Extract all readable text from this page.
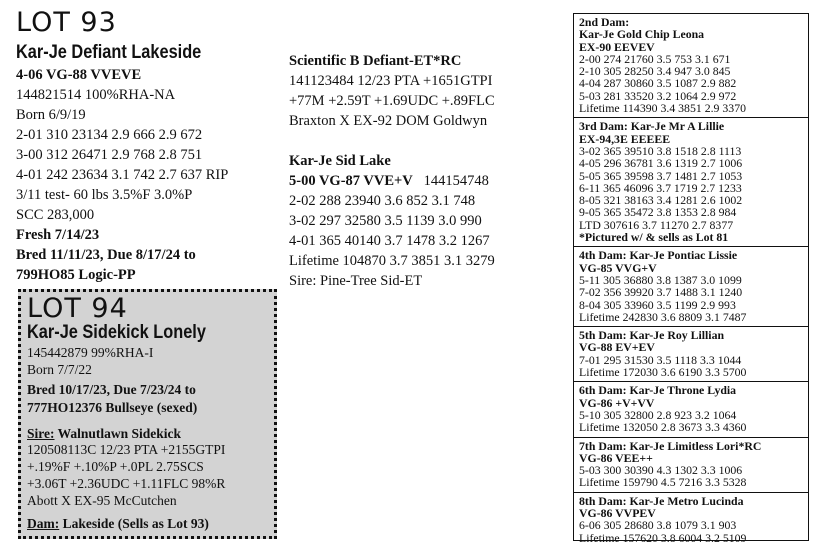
LOT 93
Kar-Je Defiant Lakeside
4-06 VG-88 VVEVE
144821514 100%RHA-NA
Born 6/9/19
2-01 310 23134 2.9 666 2.9 672
3-00 312 26471 2.9 768 2.8 751
4-01 242 23634 3.1 742 2.7 637 RIP
3/11 test- 60 lbs 3.5%F 3.0%P
SCC 283,000
Fresh 7/14/23
Bred 11/11/23, Due 8/17/24 to
799HO85 Logic-PP
Scientific B Defiant-ET*RC
141123484 12/23 PTA +1651GTPI
+77M +2.59T +1.69UDC +.89FLC
Braxton X EX-92 DOM Goldwyn
Kar-Je Sid Lake
5-00 VG-87 VVE+V 144154748
2-02 288 23940 3.6 852 3.1 748
3-02 297 32580 3.5 1139 3.0 990
4-01 365 40140 3.7 1478 3.2 1267
Lifetime 104870 3.7 3851 3.1 3279
Sire: Pine-Tree Sid-ET
LOT 94
Kar-Je Sidekick Lonely
145442879 99%RHA-I
Born 7/7/22
Bred 10/17/23, Due 7/23/24 to
777HO12376 Bullseye (sexed)
Sire: Walnutlawn Sidekick
120508113C 12/23 PTA +2155GTPI
+.19%F +.10%P +.0PL 2.75SCS
+3.06T +2.36UDC +1.11FLC 98%R
Abott X EX-95 McCutchen
Dam: Lakeside (Sells as Lot 93)
2nd Dam:
Kar-Je Gold Chip Leona
EX-90 EEVEV
2-00 274 21760 3.5 753 3.1 671
2-10 305 28250 3.4 947 3.0 845
4-04 287 30860 3.5 1087 2.9 882
5-03 281 33520 3.2 1064 2.9 972
Lifetime 114390 3.4 3851 2.9 3370
3rd Dam: Kar-Je Mr A Lillie
EX-94,3E EEEEE
3-02 365 39510 3.8 1518 2.8 1113
4-05 296 36781 3.6 1319 2.7 1006
5-05 365 39598 3.7 1481 2.7 1053
6-11 365 46096 3.7 1719 2.7 1233
8-05 321 38163 3.4 1281 2.6 1002
9-05 365 35472 3.8 1353 2.8 984
LTD 307616 3.7 11270 2.7 8377
*Pictured w/ & sells as Lot 81
4th Dam: Kar-Je Pontiac Lissie
VG-85 VVG+V
5-11 305 36880 3.8 1387 3.0 1099
7-02 356 39920 3.7 1488 3.1 1240
8-04 305 33960 3.5 1199 2.9 993
Lifetime 242830 3.6 8809 3.1 7487
5th Dam: Kar-Je Roy Lillian
VG-88 EV+EV
7-01 295 31530 3.5 1118 3.3 1044
Lifetime 172030 3.6 6190 3.3 5700
6th Dam: Kar-Je Throne Lydia
VG-86 +V+VV
5-10 305 32800 2.8 923 3.2 1064
Lifetime 132050 2.8 3673 3.3 4360
7th Dam: Kar-Je Limitless Lori*RC
VG-86 VEE++
5-03 300 30390 4.3 1302 3.3 1006
Lifetime 159790 4.5 7216 3.3 5328
8th Dam: Kar-Je Metro Lucinda
VG-86 VVPEV
6-06 305 28680 3.8 1079 3.1 903
Lifetime 157620 3.8 6004 3.2 5109
